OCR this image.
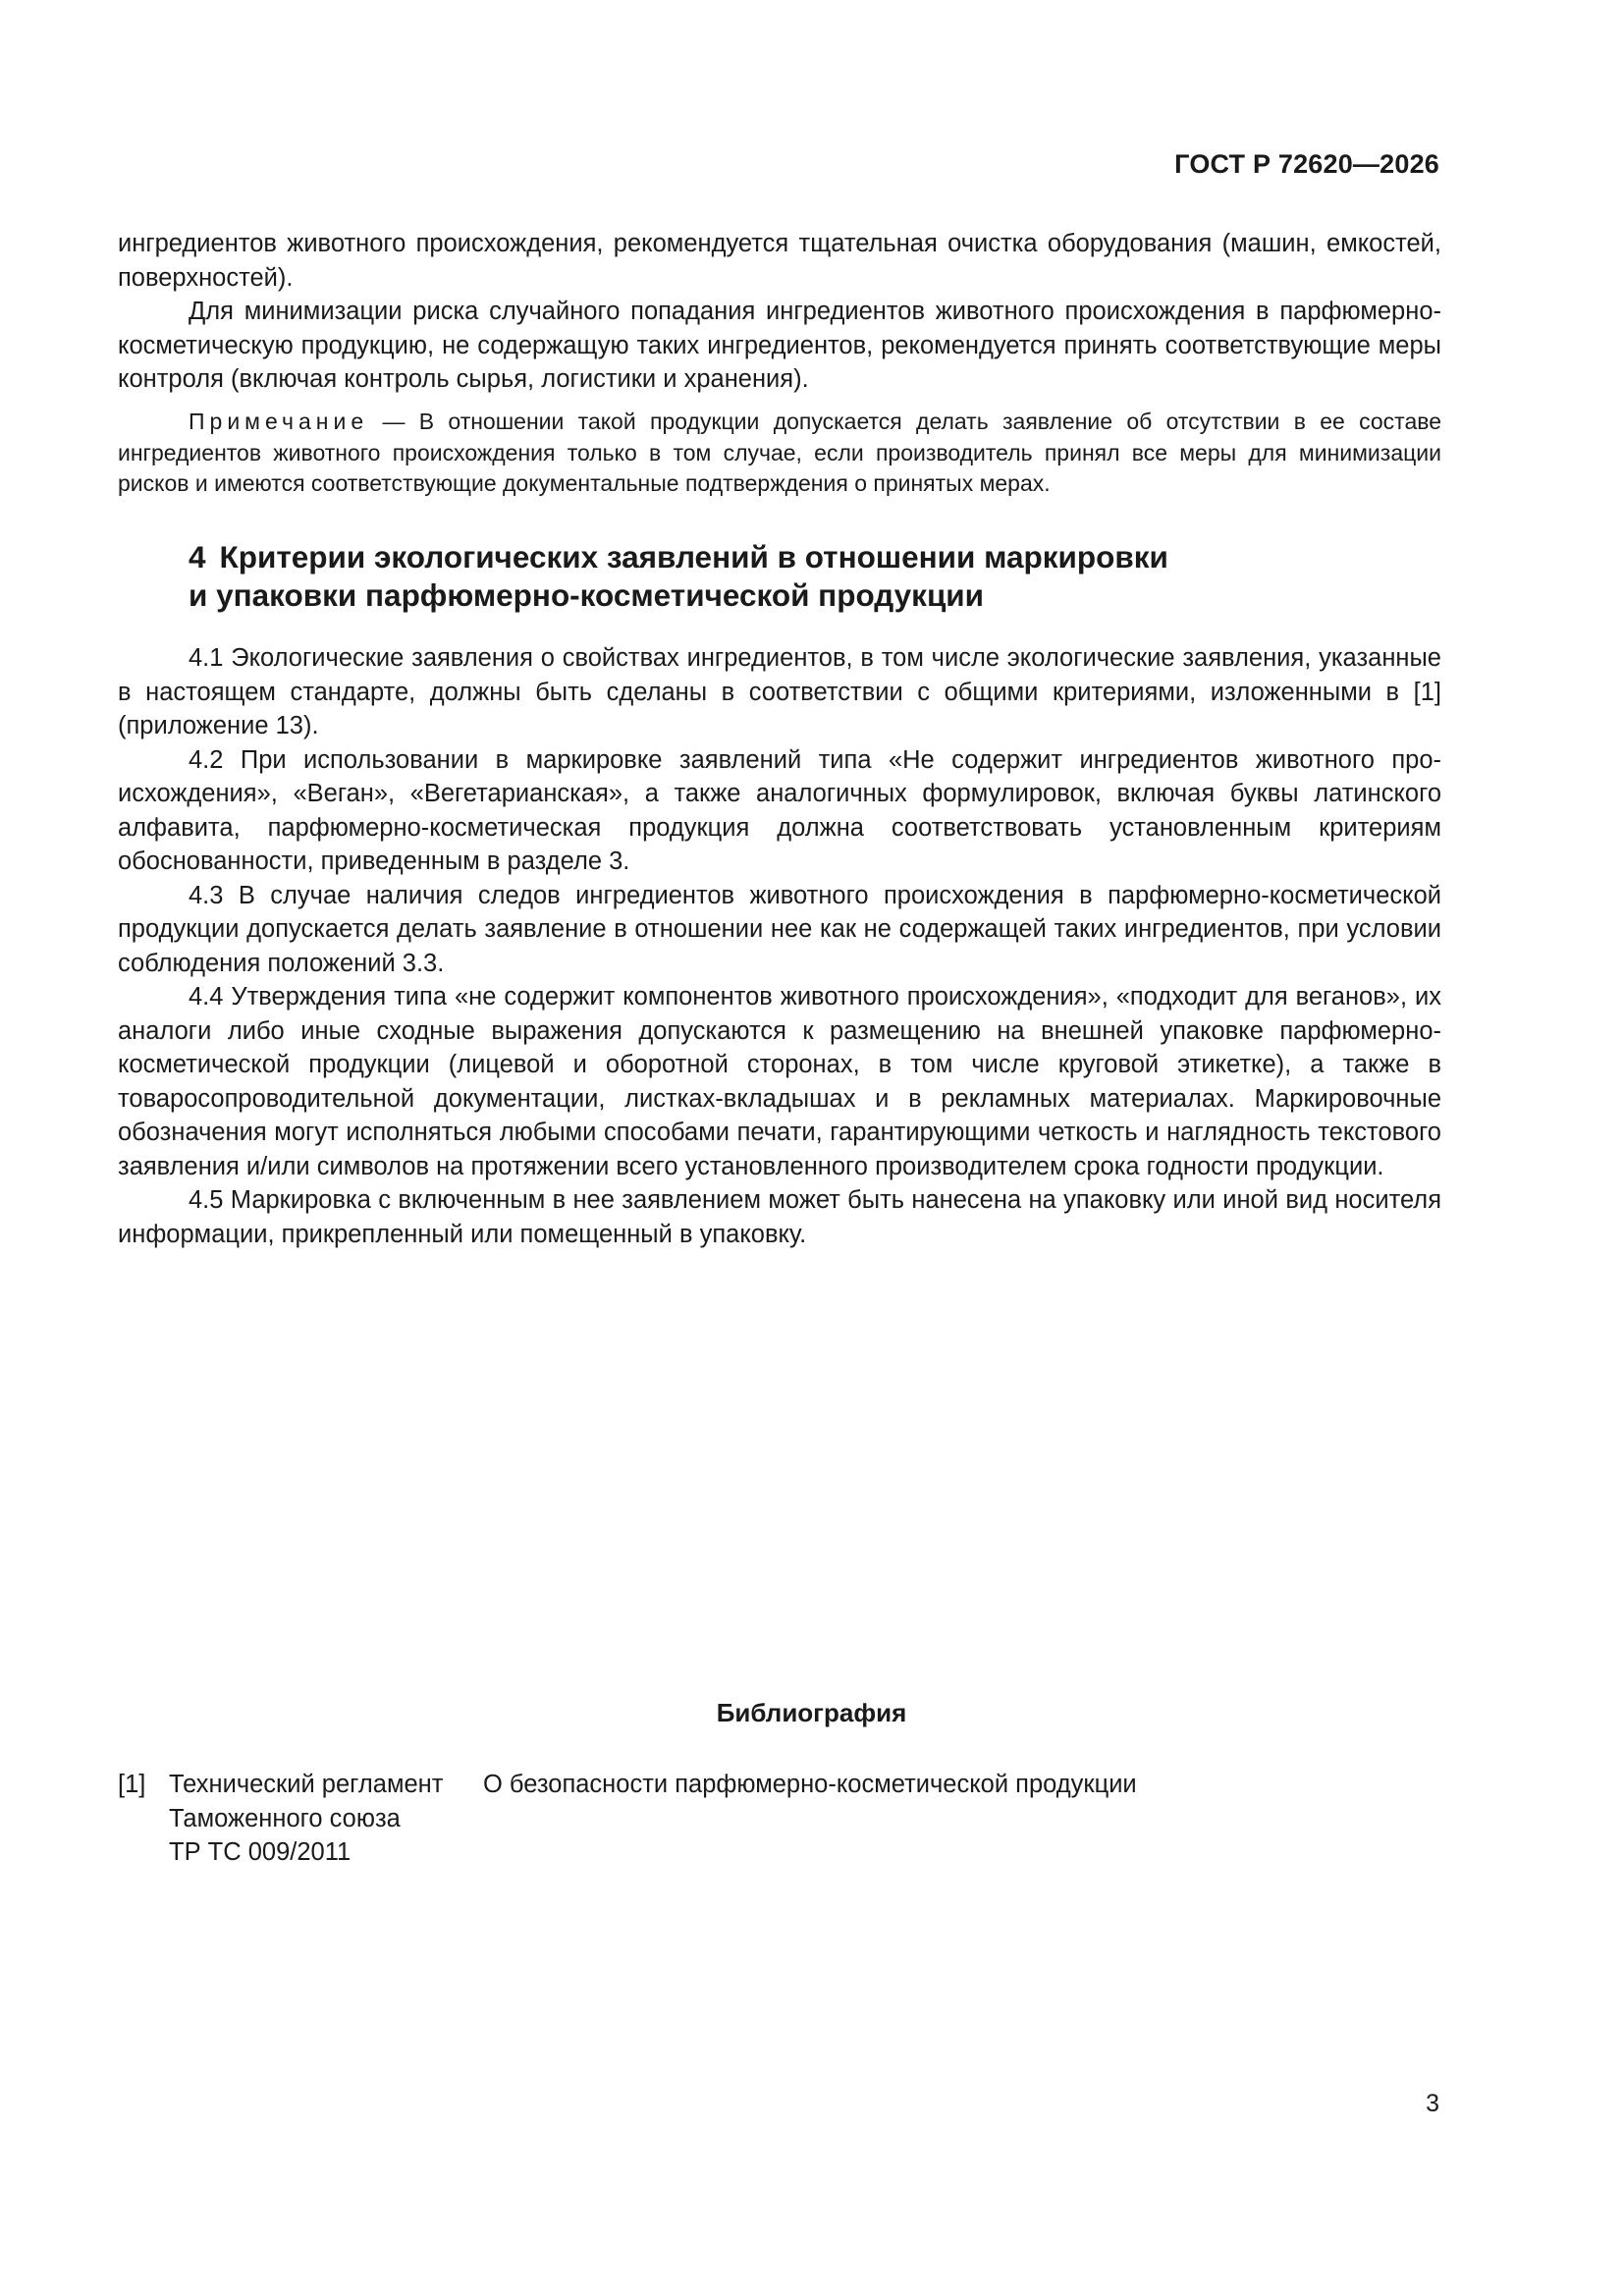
ГОСТ Р 72620—2026

ингредиентов животного происхождения, рекомендуется тщательная очистка оборудования (машин, емкостей, поверхностей).

Для минимизации риска случайного попадания ингредиентов животного происхождения в парфюмерно-косметическую продукцию, не содержащую таких ингредиентов, рекомендуется принять соответствующие меры контроля (включая контроль сырья, логистики и хранения).

Примечание — В отношении такой продукции допускается делать заявление об отсутствии в ее составе ингредиентов животного происхождения только в том случае, если производитель принял все меры для минимизации рисков и имеются соответствующие документальные подтверждения о принятых мерах.
4 Критерии экологических заявлений в отношении маркировки
и упаковки парфюмерно-косметической продукции

4.1 Экологические заявления о свойствах ингредиентов, в том числе экологические заявления, указанные в настоящем стандарте, должны быть сделаны в соответствии с общими критериями, изложенными в [1] (приложение 13).

4.2 При использовании в маркировке заявлений типа «Не содержит ингредиентов животного происхождения», «Веган», «Вегетарианская», а также аналогичных формулировок, включая буквы латинского алфавита, парфюмерно-косметическая продукция должна соответствовать установленным критериям обоснованности, приведенным в разделе 3.

4.3 В случае наличия следов ингредиентов животного происхождения в парфюмерно-косметической продукции допускается делать заявление в отношении нее как не содержащей таких ингредиентов, при условии соблюдения положений 3.3.

4.4 Утверждения типа «не содержит компонентов животного происхождения», «подходит для веганов», их аналоги либо иные сходные выражения допускаются к размещению на внешней упаковке парфюмерно-косметической продукции (лицевой и оборотной сторонах, в том числе круговой этикетке), а также в товаросопроводительной документации, листках-вкладышах и в рекламных материалах. Маркировочные обозначения могут исполняться любыми способами печати, гарантирующими четкость и наглядность текстового заявления и/или символов на протяжении всего установленного производителем срока годности продукции.

4.5 Маркировка с включенным в нее заявлением может быть нанесена на упаковку или иной вид носителя информации, прикрепленный или помещенный в упаковку.

Библиография
[1] Технический регламент
Таможенного союза
ТР ТС 009/2011
О безопасности парфюмерно-косметической продукции
3
